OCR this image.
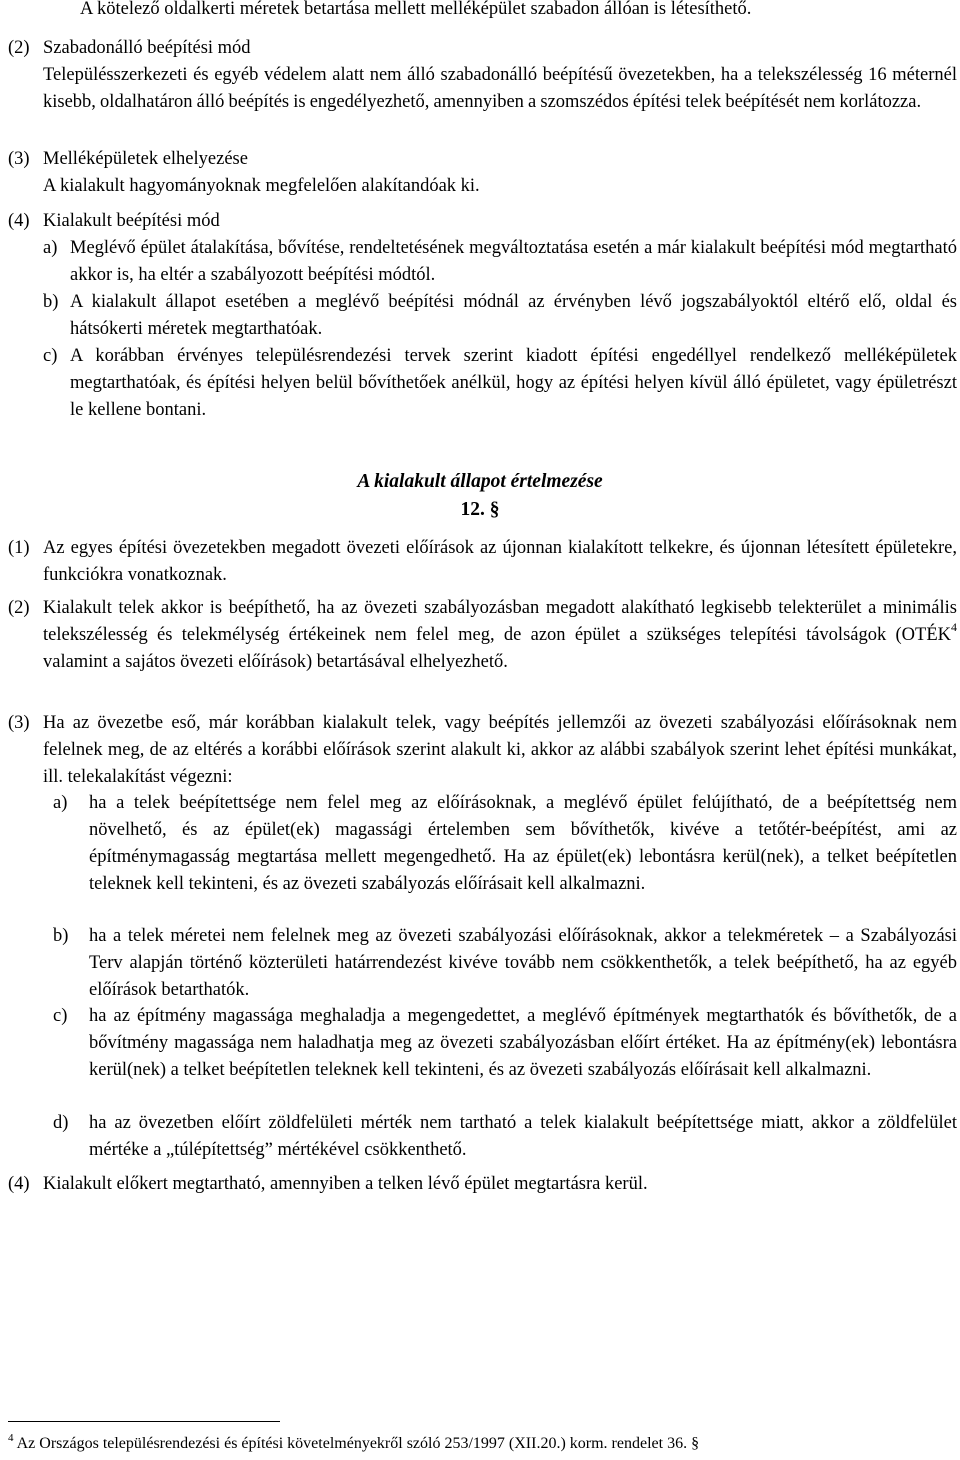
A kötelező oldalkerti méretek betartása mellett melléképület szabadon állóan is létesíthető.
(2) Szabadonálló beépítési mód
Településszerkezeti és egyéb védelem alatt nem álló szabadonálló beépítésű övezetekben, ha a telekszélesség 16 méternél kisebb, oldalhatáron álló beépítés is engedélyezhető, amennyiben a szomszédos építési telek beépítését nem korlátozza.
(3) Melléképületek elhelyezése
A kialakult hagyományoknak megfelelően alakítandóak ki.
(4) Kialakult beépítési mód
a) Meglévő épület átalakítása, bővítése, rendeltetésének megváltoztatása esetén a már kialakult beépítési mód megtartható akkor is, ha eltér a szabályozott beépítési módtól.
b) A kialakult állapot esetében a meglévő beépítési módnál az érvényben lévő jogszabályoktól eltérő elő, oldal és hátsókerti méretek megtarthatóak.
c) A korábban érvényes településrendezési tervek szerint kiadott építési engedéllyel rendelkező melléképületek megtarthatóak, és építési helyen belül bővíthetőek anélkül, hogy az építési helyen kívül álló épületet, vagy épületrészt le kellene bontani.
A kialakult állapot értelmezése
12. §
(1) Az egyes építési övezetekben megadott övezeti előírások az újonnan kialakított telkekre, és újonnan létesített épületekre, funkciókra vonatkoznak.
(2) Kialakult telek akkor is beépíthető, ha az övezeti szabályozásban megadott alakítható legkisebb telekterület a minimális telekszélesség és telekmélység értékeinek nem felel meg, de azon épület a szükséges telepítési távolságok (OTÉK$^4$ valamint a sajátos övezeti előírások) betartásával elhelyezhető.
(3) Ha az övezetbe eső, már korábban kialakult telek, vagy beépítés jellemzői az övezeti szabályozási előírásoknak nem felelnek meg, de az eltérés a korábbi előírások szerint alakult ki, akkor az alábbi szabályok szerint lehet építési munkákat, ill. telekalakítást végezni:
a) ha a telek beépítettsége nem felel meg az előírásoknak, a meglévő épület felújítható, de a beépítettség nem növelhető, és az épület(ek) magassági értelemben sem bővíthetők, kivéve a tetőtér-beépítést, ami az építménymagasság megtartása mellett megengedhető. Ha az épület(ek) lebontásra kerül(nek), a telket beépítetlen teleknek kell tekinteni, és az övezeti szabályozás előírásait kell alkalmazni.
b) ha a telek méretei nem felelnek meg az övezeti szabályozási előírásoknak, akkor a telekméretek – a Szabályozási Terv alapján történő közterületi határrendezést kivéve tovább nem csökkenthetők, a telek beépíthető, ha az egyéb előírások betarthatók.
c) ha az építmény magassága meghaladja a megengedettet, a meglévő építmények megtarthatók és bővíthetők, de a bővítmény magassága nem haladhatja meg az övezeti szabályozásban előírt értéket. Ha az építmény(ek) lebontásra kerül(nek) a telket beépítetlen teleknek kell tekinteni, és az övezeti szabályozás előírásait kell alkalmazni.
d) ha az övezetben előírt zöldfelületi mérték nem tartható a telek kialakult beépítettsége miatt, akkor a zöldfelület mértéke a „túlépítettség” mértékével csökkenthető.
(4) Kialakult előkert megtartható, amennyiben a telken lévő épület megtartásra kerül.
$^4$ Az Országos településrendezési és építési követelményekről szóló 253/1997 (XII.20.) korm. rendelet 36. §
